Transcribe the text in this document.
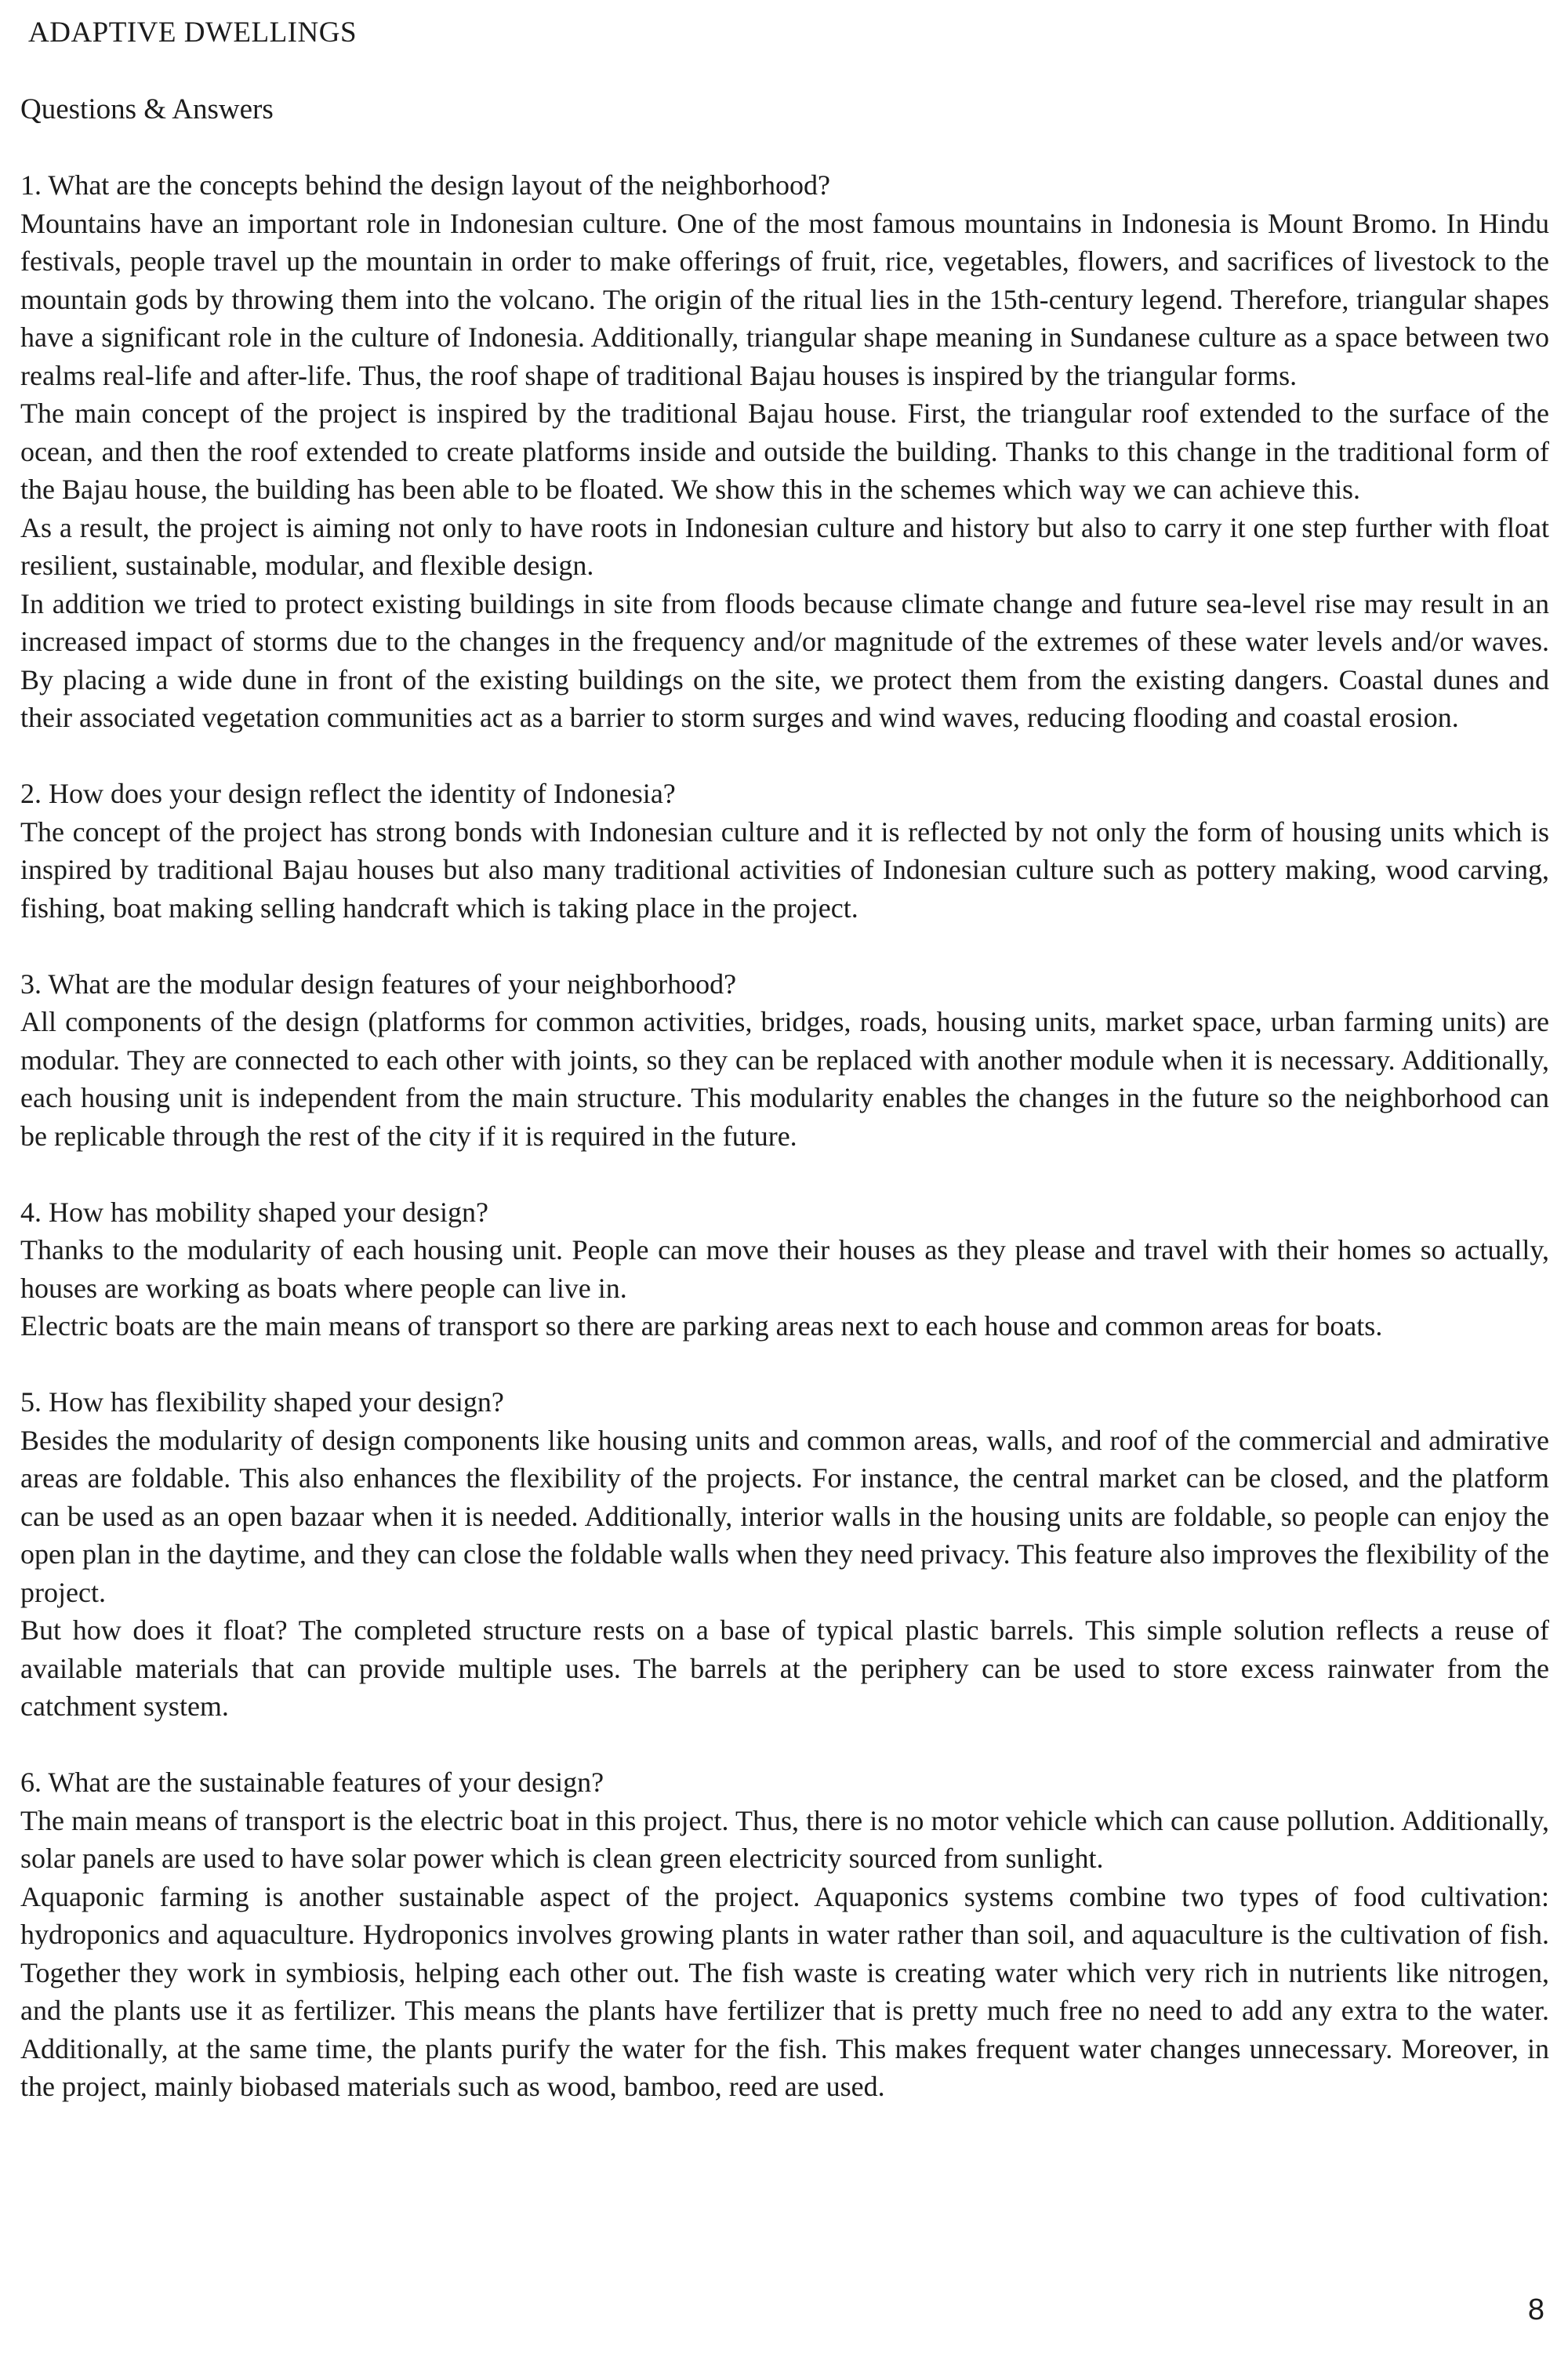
ADAPTIVE DWELLINGS
Questions & Answers

1. What are the concepts behind the design layout of the neighborhood?

Mountains have an important role in Indonesian culture. One of the most famous mountains in Indonesia is Mount Bromo. In Hindu festivals, people travel up the mountain in order to make offerings of fruit, rice, vegetables, flowers, and sacrifices of livestock to the mountain gods by throwing them into the volcano. The origin of the ritual lies in the 15th-century legend. Therefore, triangular shapes have a significant role in the culture of Indonesia. Additionally, triangular shape meaning in Sundanese culture as a space between two realms real-life and after-life. Thus, the roof shape of traditional Bajau houses is inspired by the triangular forms.

The main concept of the project is inspired by the traditional Bajau house. First, the triangular roof extended to the surface of the ocean, and then the roof extended to create platforms inside and outside the building. Thanks to this change in the traditional form of the Bajau house, the building has been able to be floated. We show this in the schemes which way we can achieve this.

As a result, the project is aiming not only to have roots in Indonesian culture and history but also to carry it one step further with float resilient, sustainable, modular, and flexible design.

In addition we tried to protect existing buildings in site from floods because climate change and future sea-level rise may result in an increased impact of storms due to the changes in the frequency and/or magnitude of the extremes of these water levels and/or waves. By placing a wide dune in front of the existing buildings on the site, we protect them from the existing dangers. Coastal dunes and their associated vegetation communities act as a barrier to storm surges and wind waves, reducing flooding and coastal erosion.

2. How does your design reflect the identity of Indonesia?

The concept of the project has strong bonds with Indonesian culture and it is reflected by not only the form of housing units which is inspired by traditional Bajau houses but also many traditional activities of Indonesian culture such as pottery making, wood carving, fishing, boat making selling handcraft which is taking place in the project.

3. What are the modular design features of your neighborhood?

All components of the design (platforms for common activities, bridges, roads, housing units, market space, urban farming units) are modular. They are connected to each other with joints, so they can be replaced with another module when it is necessary. Additionally, each housing unit is independent from the main structure. This modularity enables the changes in the future so the neighborhood can be replicable through the rest of the city if it is required in the future.

4. How has mobility shaped your design?

Thanks to the modularity of each housing unit. People can move their houses as they please and travel with their homes so actually, houses are working as boats where people can live in.

Electric boats are the main means of transport so there are parking areas next to each house and common areas for boats.

5. How has flexibility shaped your design?

Besides the modularity of design components like housing units and common areas, walls, and roof of the commercial and admirative areas are foldable. This also enhances the flexibility of the projects. For instance, the central market can be closed, and the platform can be used as an open bazaar when it is needed. Additionally, interior walls in the housing units are foldable, so people can enjoy the open plan in the daytime, and they can close the foldable walls when they need privacy. This feature also improves the flexibility of the project.

But how does it float? The completed structure rests on a base of typical plastic barrels. This simple solution reflects a reuse of available materials that can provide multiple uses. The barrels at the periphery can be used to store excess rainwater from the catchment system.

6. What are the sustainable features of your design?

The main means of transport is the electric boat in this project. Thus, there is no motor vehicle which can cause pollution. Additionally, solar panels are used to have solar power which is clean green electricity sourced from sunlight.

Aquaponic farming is another sustainable aspect of the project. Aquaponics systems combine two types of food cultivation: hydroponics and aquaculture. Hydroponics involves growing plants in water rather than soil, and aquaculture is the cultivation of fish. Together they work in symbiosis, helping each other out. The fish waste is creating water which very rich in nutrients like nitrogen, and the plants use it as fertilizer. This means the plants have fertilizer that is pretty much free no need to add any extra to the water. Additionally, at the same time, the plants purify the water for the fish. This makes frequent water changes unnecessary. Moreover, in the project, mainly biobased materials such as wood, bamboo, reed are used.

8
